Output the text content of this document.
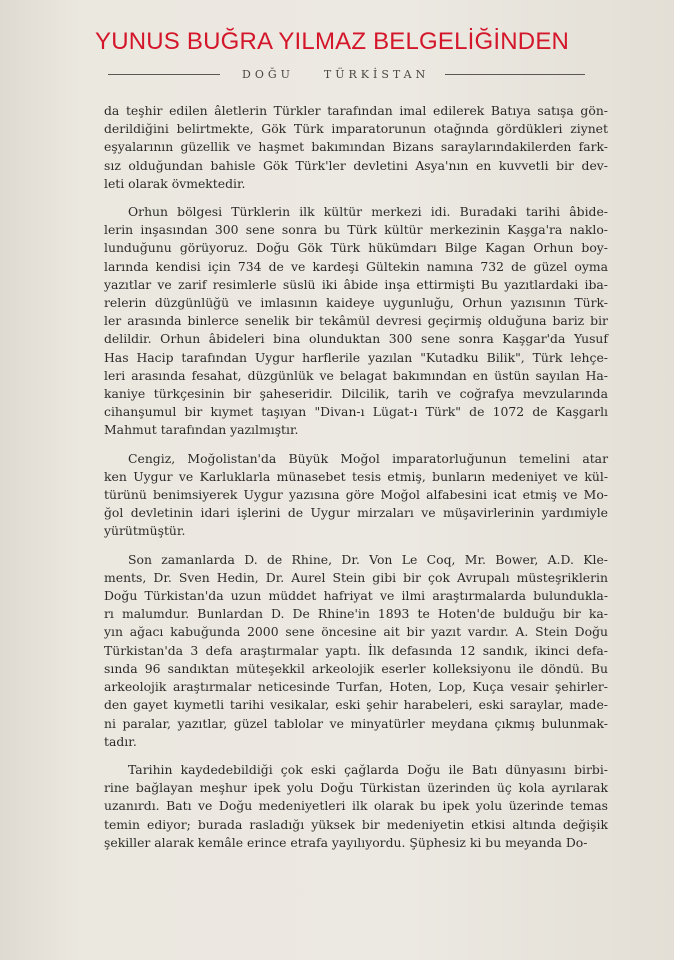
YUNUS BUĞRA YILMAZ BELGELİĞİNDEN
DOĞU	TÜRKİSTAN

da teşhir edilen âletlerin Türkler tarafından imal edilerek Batıya satışa gön-
derildiğini belirtmekte, Gök Türk imparatorunun otağında gördükleri ziynet
eşyalarının güzellik ve haşmet bakımından Bizans saraylarındakilerden fark-
sız olduğundan bahisle Gök Türk'ler devletini Asya'nın en kuvvetli bir dev-
leti olarak övmektedir.

Orhun bölgesi Türklerin ilk kültür merkezi idi. Buradaki tarihi âbide-
lerin inşasından 300 sene sonra bu Türk kültür merkezinin Kaşga'ra naklo-
lunduğunu görüyoruz. Doğu Gök Türk hükümdarı Bilge Kagan Orhun boy-
larında kendisi için 734 de ve kardeşi Gültekin namına 732 de güzel oyma
yazıtlar ve zarif resimlerle süslü iki âbide inşa ettirmişti Bu yazıtlardaki iba-
relerin düzgünlüğü ve imlasının kaideye uygunluğu, Orhun yazısının Türk-
ler arasında binlerce senelik bir tekâmül devresi geçirmiş olduğuna bariz bir
delildir. Orhun âbideleri bina olunduktan 300 sene sonra Kaşgar'da Yusuf
Has Hacip tarafından Uygur harflerile yazılan "Kutadku Bilik", Türk lehçe-
leri arasında fesahat, düzgünlük ve belagat bakımından en üstün sayılan Ha-
kaniye türkçesinin bir şaheseridir. Dilcilik, tarih ve coğrafya mevzularında
cihanşumul bir kıymet taşıyan "Divan-ı Lügat-ı Türk" de 1072 de Kaşgarlı
Mahmut tarafından yazılmıştır.

Cengiz, Moğolistan'da Büyük Moğol imparatorluğunun temelini atar
ken Uygur ve Karluklarla münasebet tesis etmiş, bunların medeniyet ve kül-
türünü benimsiyerek Uygur yazısına göre Moğol alfabesini icat etmiş ve Mo-
ğol devletinin idari işlerini de Uygur mirzaları ve müşavirlerinin yardımiyle
yürütmüştür.

Son zamanlarda D. de Rhine, Dr. Von Le Coq, Mr. Bower, A.D. Kle-
ments, Dr. Sven Hedin, Dr. Aurel Stein gibi bir çok Avrupalı müsteşriklerin
Doğu Türkistan'da uzun müddet hafriyat ve ilmi araştırmalarda bulundukla-
rı malumdur. Bunlardan D. De Rhine'in 1893 te Hoten'de bulduğu bir ka-
yın ağacı kabuğunda 2000 sene öncesine ait bir yazıt vardır. A. Stein Doğu
Türkistan'da 3 defa araştırmalar yaptı. İlk defasında 12 sandık, ikinci defa-
sında 96 sandıktan müteşekkil arkeolojik eserler kolleksiyonu ile döndü. Bu
arkeolojik araştırmalar neticesinde Turfan, Hoten, Lop, Kuça vesair şehirler-
den gayet kıymetli tarihi vesikalar, eski şehir harabeleri, eski saraylar, made-
ni paralar, yazıtlar, güzel tablolar ve minyatürler meydana çıkmış bulunmak-
tadır.

Tarihin kaydedebildiği çok eski çağlarda Doğu ile Batı dünyasını birbi-
rine bağlayan meşhur ipek yolu Doğu Türkistan üzerinden üç kola ayrılarak
uzanırdı. Batı ve Doğu medeniyetleri ilk olarak bu ipek yolu üzerinde temas
temin ediyor; burada rasladığı yüksek bir medeniyetin etkisi altında değişik
şekiller alarak kemâle erince etrafa yayılıyordu. Şüphesiz ki bu meyanda Do-
